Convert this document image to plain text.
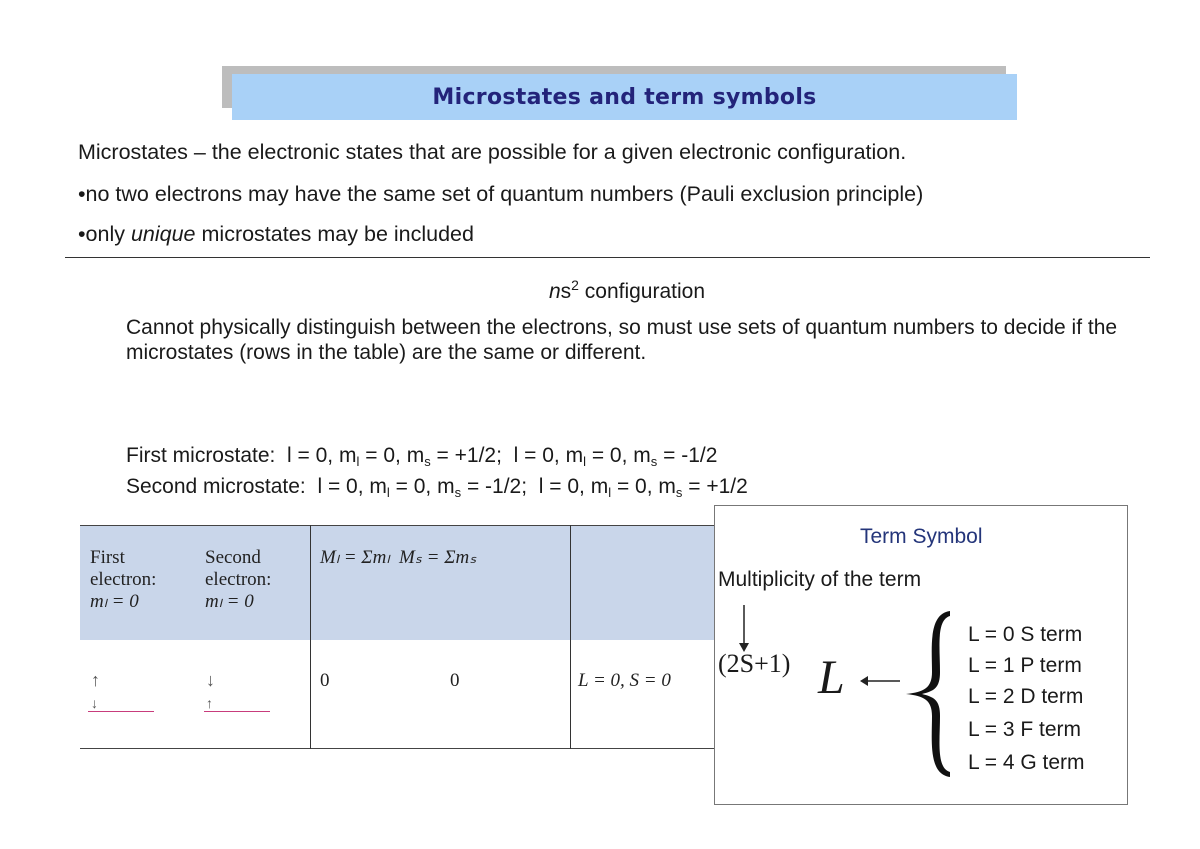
Microstates and term symbols
Microstates – the electronic states that are possible for a given electronic configuration.
•no two electrons may have the same set of quantum numbers (Pauli exclusion principle)
•only unique microstates may be included
$ns^2$ configuration
Cannot physically distinguish between the electrons, so must use sets of quantum numbers to decide if the microstates (rows in the table) are the same or different.
First microstate: l = 0, $m_l = 0$, $m_s = +1/2$; l = 0, $m_l = 0$, $m_s = -1/2$
Second microstate: l = 0, $m_l = 0$, $m_s = -1/2$; l = 0, $m_l = 0$, $m_s = +1/2$
First
electron:
mₗ = 0
Second
electron:
mₗ = 0
Mₗ = Σmₗ Mₛ = Σmₛ
↑
↓
↓
↑
0	0	L = 0, S = 0
Term Symbol
Multiplicity of the term
(2S+1) L
L = 0 S term
L = 1 P term
L = 2 D term
L = 3 F term
L = 4 G term
